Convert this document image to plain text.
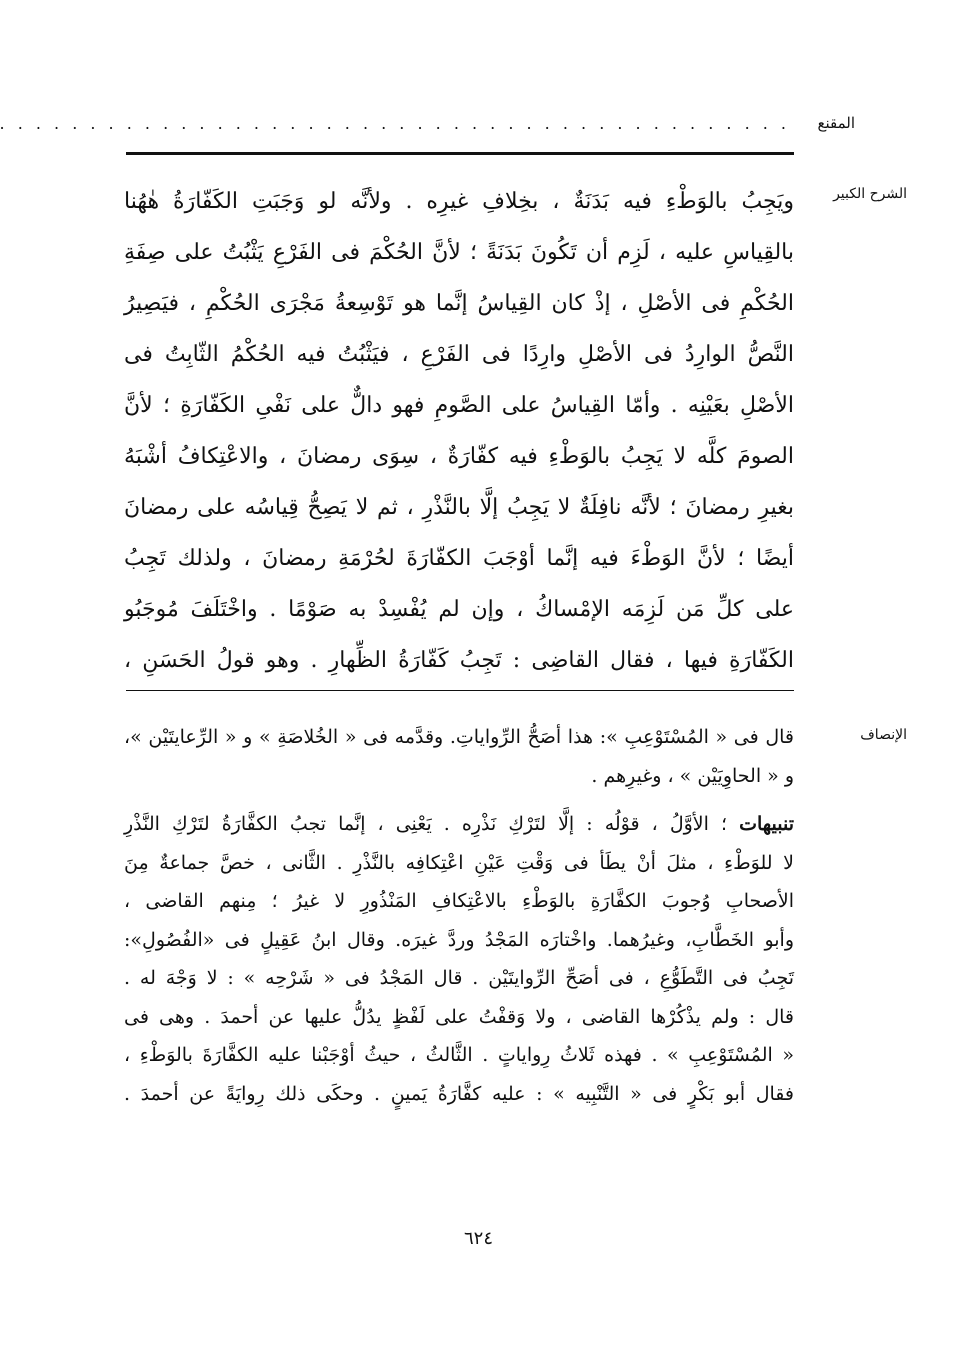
المقنع
. . . . . . . . . . . . . . . . . . . . . . . . . . . . . . . . . . . . . . . . . . . .
الشرح الكبير
ويَجِبُ بالوَطْءِ فيه بَدَنَةٌ ، بخِلافِ غيرِه . ولأنَّه لو وَجَبَتِ الكَفّارَةُ هٰهُنا
بالقِياسِ عليه ، لَزِم أن تَكُونَ بَدَنَةً ؛ لأنَّ الحُكْمَ فى الفَرْعِ يَثْبُتُ على صِفَةِ
الحُكْمِ فى الأصْلِ ، إذْ كان القِياسُ إنَّما هو تَوْسِعةُ مَجْرَى الحُكْمِ ، فيَصِيرُ
النَّصُّ الوارِدُ فى الأصْلِ وارِدًا فى الفَرْعِ ، فيَثْبُتُ فيه الحُكْمُ الثّابِتُ فى
الأصْلِ بعَيْنِه . وأمّا القِياسُ على الصَّومِ فهو دالٌّ على نَفْىِ الكَفّارَةِ ؛ لأنَّ
الصومَ كلَّه لا يَجِبُ بالوَطْءِ فيه كفّارَةٌ ، سِوَى رمضانَ ، والاعْتِكافُ أشْبَهُ
بغيرِ رمضانَ ؛ لأنَّه نافِلَةٌ لا يَجِبُ إلَّا بالنَّذْرِ ، ثم لا يَصِحُّ قِياسُه على رمضانَ
أيضًا ؛ لأنَّ الوَطْءَ فيه إنَّما أوْجَبَ الكفّارَةَ لحُرْمَةِ رمضانَ ، ولذلك تَجِبُ
على كلِّ مَن لَزِمَه الإمْساكُ ، وإن لم يُفْسِدْ به صَوْمًا . واخْتَلَفَ مُوجَبُو
الكَفّارَةِ فيها ، فقال القاضِى : تَجِبُ كَفّارَةُ الظِّهارِ . وهو قولُ الحَسَنِ ،
الإنصاف
قال فى « المُسْتَوْعِبِ »: هذا أصَحُّ الرِّواياتِ. وقدَّمه فى « الخُلاصَةِ » و « الرِّعايتَيْن »،
و « الحاوِيَيْن » ، وغيرِهم .
تنبيهات ؛ الأوَّلُ ، قوْلُه : إلَّا لتَرْكِ نَذْرِه . يَعْنِى ، إنَّما تجبُ الكفَّارَةُ لتَرْكِ النَّذْرِ
لا للوَطْءِ ، مثلَ أنْ يطَأ فى وَقْتِ عَيْنِ اعْتِكافِه بالنَّذْرِ . الثَّانى ، خصَّ جماعةٌ مِنَ
الأصحابِ وُجوبَ الكفَّارَةِ بالوَطْءِ بالاعْتِكافِ المَنْذُورِ لا غيرُ ؛ مِنهم القاضى ،
وأبو الخَطَّابِ، وغيرُهما. واخْتارَه المَجْدُ وردَّ غيرَه. وقال ابنُ عَقِيلٍ فى «الفُصُولِ»:
تَجِبُ فى التَّطَوُّعِ ، فى أصَحِّ الرِّوايتَيْن . قال المَجْدُ فى « شَرْحِه » : لا وَجْهَ له .
قال : ولم يذْكُرْها القاضى ، ولا وَقفْتُ على لَفْظٍ يدُلُّ عليها عن أحمدَ . وهى فى
« المُسْتَوْعِبِ » . فهذه ثَلاثُ رِواياتٍ . الثَّالثُ ، حيثُ أوْجَبْنا عليه الكفَّارَةَ بالوَطْءِ ،
فقال أبو بَكْرٍ فى « التَّنْبِيه » : عليه كفَّارَةُ يَمينٍ . وحكَى ذلك رِوايَةً عن أحمدَ .
٦٢٤
